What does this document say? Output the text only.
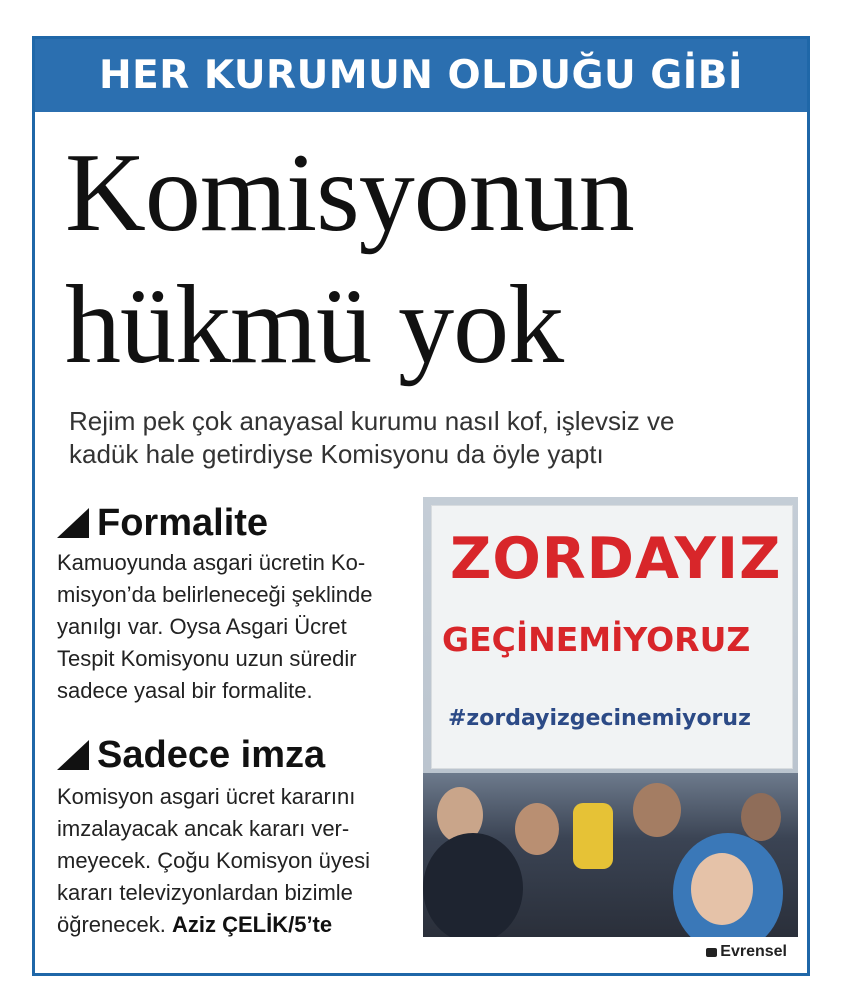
HER KURUMUN OLDUĞU GİBİ
Komisyonun
hükmü yok

Rejim pek çok anayasal kurumu nasıl kof, işlevsiz ve
kadük hale getirdiyse Komisyonu da öyle yaptı

Formalite

Kamuoyunda asgari ücretin Ko-
misyon’da belirleneceği şeklinde
yanılgı var. Oysa Asgari Ücret
Tespit Komisyonu uzun süredir
sadece yasal bir formalite.

Sadece imza

Komisyon asgari ücret kararını
imzalayacak ancak kararı ver-
meyecek. Çoğu Komisyon üyesi
kararı televizyonlardan bizimle
öğrenecek. Aziz ÇELİK/5’te

ZORDAYIZ

GEÇİNEMİYORUZ

#zordayizgecinemiyoruz

Evrensel
